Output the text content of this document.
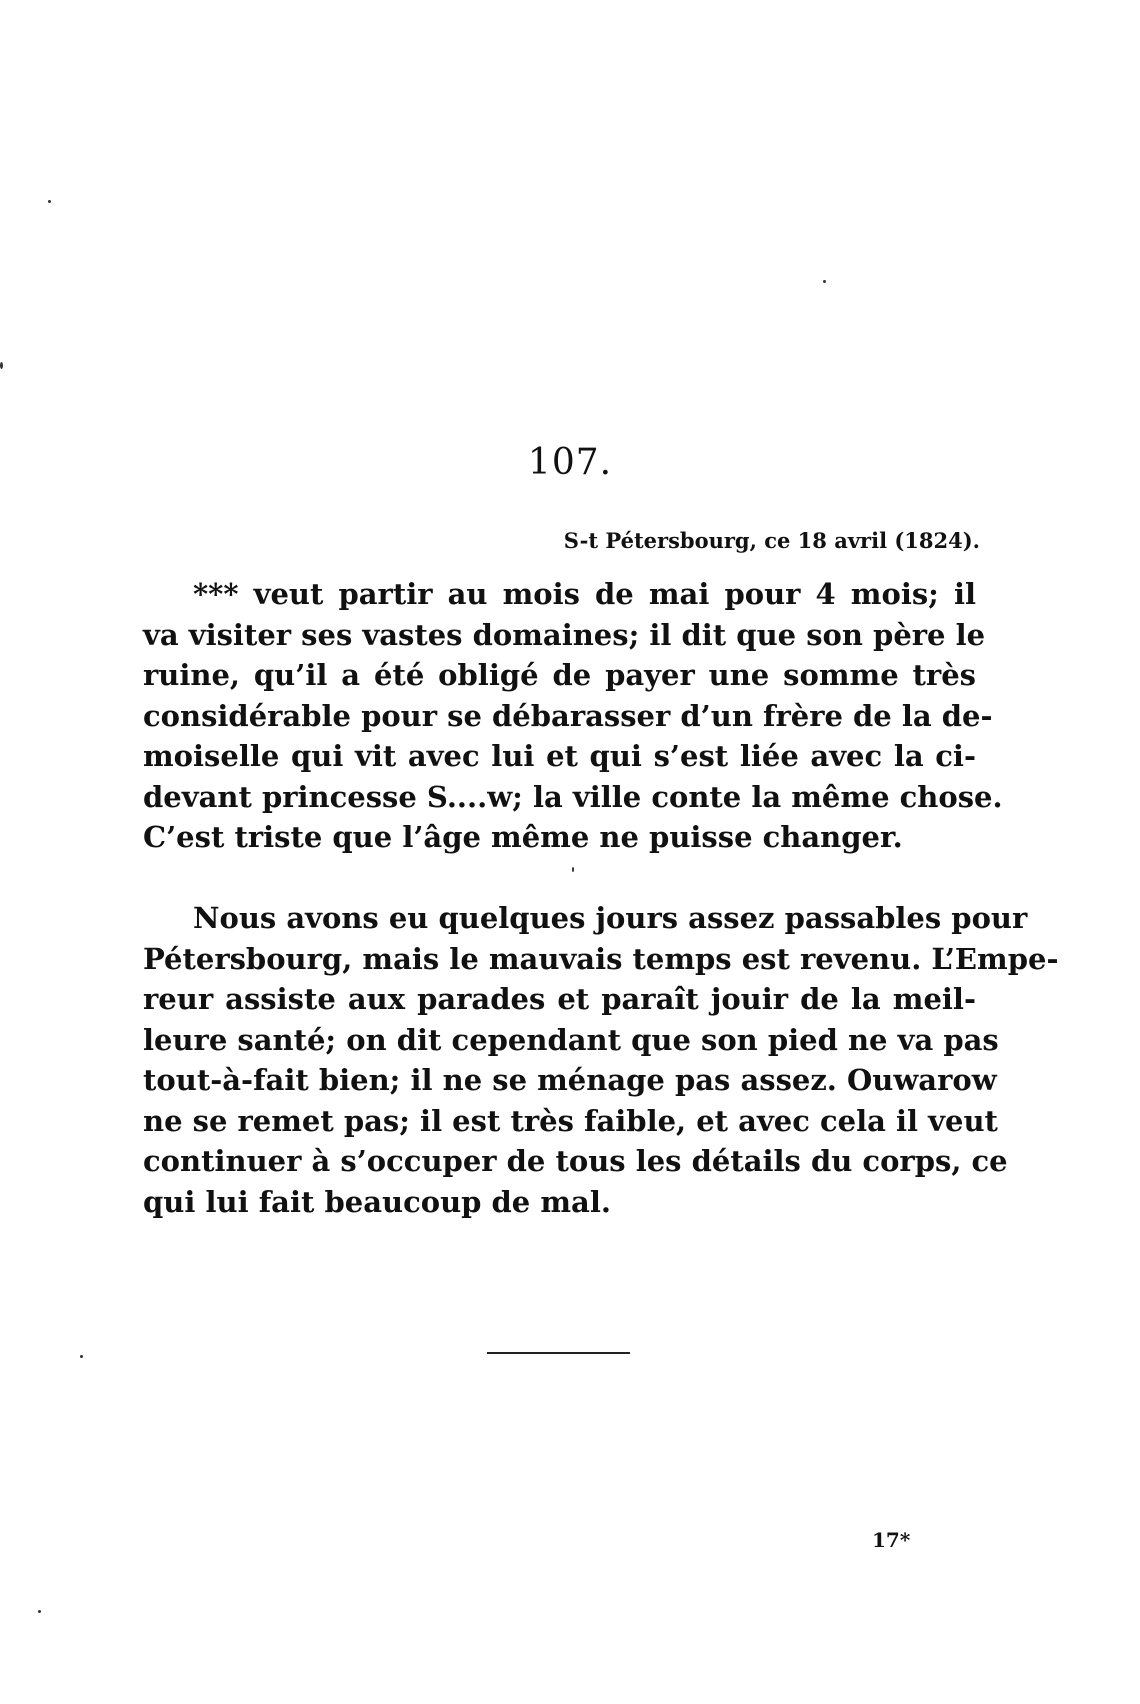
107.
S-t Pétersbourg, ce 18 avril (1824).
*** veut partir au mois de mai pour 4 mois; il
va visiter ses vastes domaines; il dit que son père le
ruine, qu’il a été obligé de payer une somme très
considérable pour se débarasser d’un frère de la de-
moiselle qui vit avec lui et qui s’est liée avec la ci-
devant princesse S....w; la ville conte la même chose.
C’est triste que l’âge même ne puisse changer.
Nous avons eu quelques jours assez passables pour
Pétersbourg, mais le mauvais temps est revenu. L’Empe-
reur assiste aux parades et paraît jouir de la meil-
leure santé; on dit cependant que son pied ne va pas
tout-à-fait bien; il ne se ménage pas assez. Ouwarow
ne se remet pas; il est très faible, et avec cela il veut
continuer à s’occuper de tous les détails du corps, ce
qui lui fait beaucoup de mal.
17*
